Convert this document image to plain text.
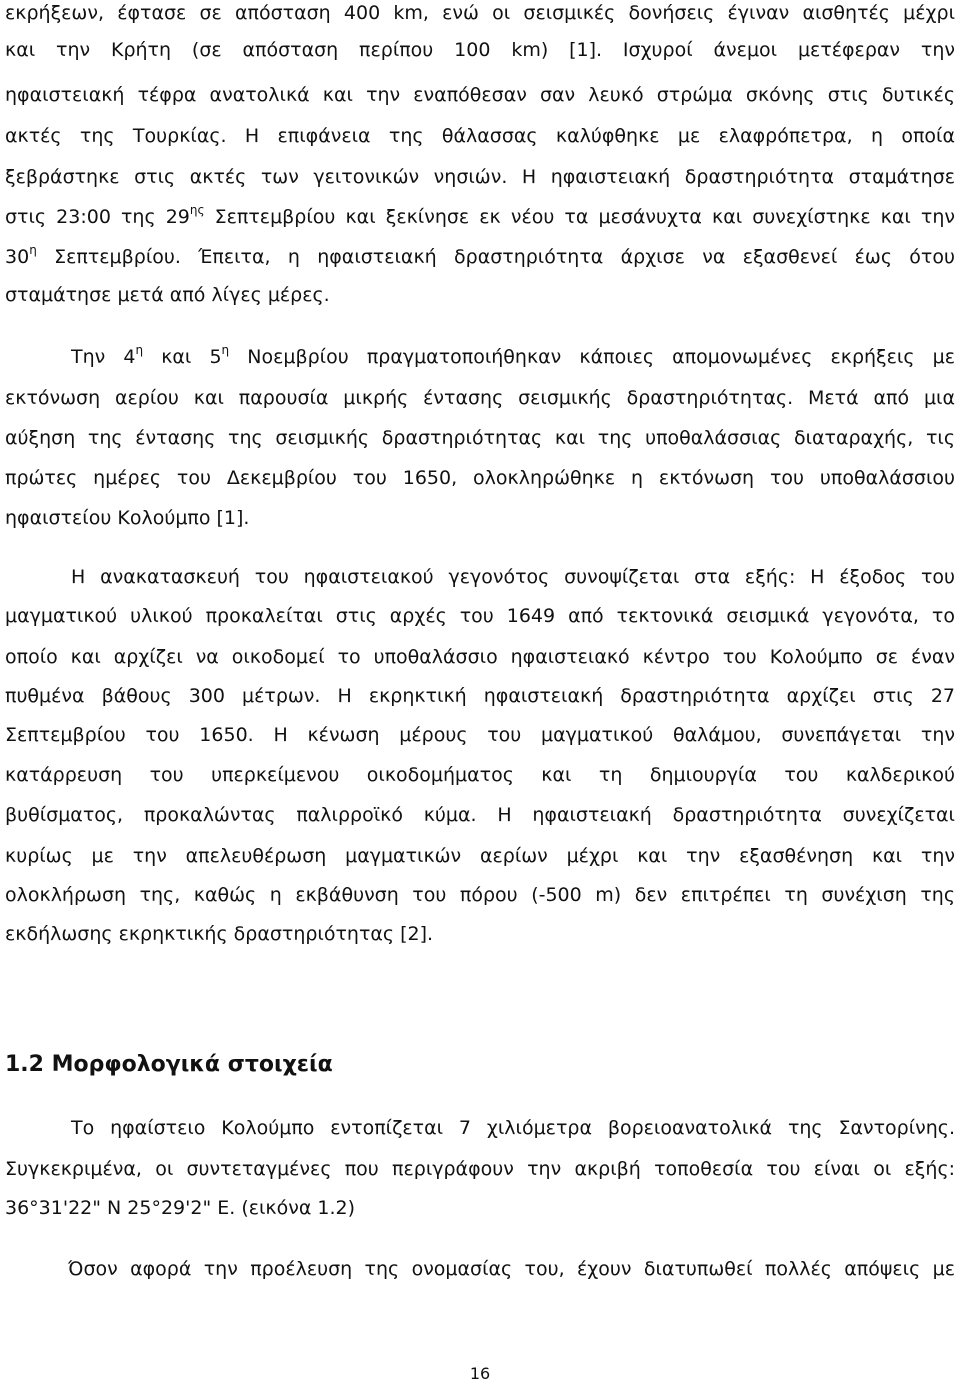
εκρήξεων, έφτασε σε απόσταση 400 km, ενώ οι σεισμικές δονήσεις έγιναν αισθητές μέχρι
και την Κρήτη (σε απόσταση περίπου 100 km) [1]. Ισχυροί άνεμοι μετέφεραν την
ηφαιστειακή τέφρα ανατολικά και την εναπόθεσαν σαν λευκό στρώμα σκόνης στις δυτικές
ακτές της Τουρκίας. Η επιφάνεια της θάλασσας καλύφθηκε με ελαφρόπετρα, η οποία
ξεβράστηκε στις ακτές των γειτονικών νησιών. Η ηφαιστειακή δραστηριότητα σταμάτησε
στις 23:00 της $29^{\eta\varsigma}$ Σεπτεμβρίου και ξεκίνησε εκ νέου τα μεσάνυχτα και συνεχίστηκε και την
$30^\eta$ Σεπτεμβρίου. Έπειτα, η ηφαιστειακή δραστηριότητα άρχισε να εξασθενεί έως ότου
σταμάτησε μετά από λίγες μέρες.
Την $4^\eta$ και $5^\eta$ Νοεμβρίου πραγματοποιήθηκαν κάποιες απομονωμένες εκρήξεις με
εκτόνωση αερίου και παρουσία μικρής έντασης σεισμικής δραστηριότητας. Μετά από μια
αύξηση της έντασης της σεισμικής δραστηριότητας και της υποθαλάσσιας διαταραχής, τις
πρώτες ημέρες του Δεκεμβρίου του 1650, ολοκληρώθηκε η εκτόνωση του υποθαλάσσιου
ηφαιστείου Κολούμπο [1].
Η ανακατασκευή του ηφαιστειακού γεγονότος συνοψίζεται στα εξής: Η έξοδος του
μαγματικού υλικού προκαλείται στις αρχές του 1649 από τεκτονικά σεισμικά γεγονότα, το
οποίο και αρχίζει να οικοδομεί το υποθαλάσσιο ηφαιστειακό κέντρο του Κολούμπο σε έναν
πυθμένα βάθους 300 μέτρων. Η εκρηκτική ηφαιστειακή δραστηριότητα αρχίζει στις 27
Σεπτεμβρίου του 1650. Η κένωση μέρους του μαγματικού θαλάμου, συνεπάγεται την
κατάρρευση του υπερκείμενου οικοδομήματος και τη δημιουργία του καλδερικού
βυθίσματος, προκαλώντας παλιρροϊκό κύμα. Η ηφαιστειακή δραστηριότητα συνεχίζεται
κυρίως με την απελευθέρωση μαγματικών αερίων μέχρι και την εξασθένηση και την
ολοκλήρωση της, καθώς η εκβάθυνση του πόρου (-500 m) δεν επιτρέπει τη συνέχιση της
εκδήλωσης εκρηκτικής δραστηριότητας [2].
1.2 Μορφολογικά στοιχεία
Το ηφαίστειο Κολούμπο εντοπίζεται 7 χιλιόμετρα βορειοανατολικά της Σαντορίνης.
Συγκεκριμένα, οι συντεταγμένες που περιγράφουν την ακριβή τοποθεσία του είναι οι εξής:
36°31'22" N 25°29'2" E. (εικόνα 1.2)
Όσον αφορά την προέλευση της ονομασίας του, έχουν διατυπωθεί πολλές απόψεις με
16
